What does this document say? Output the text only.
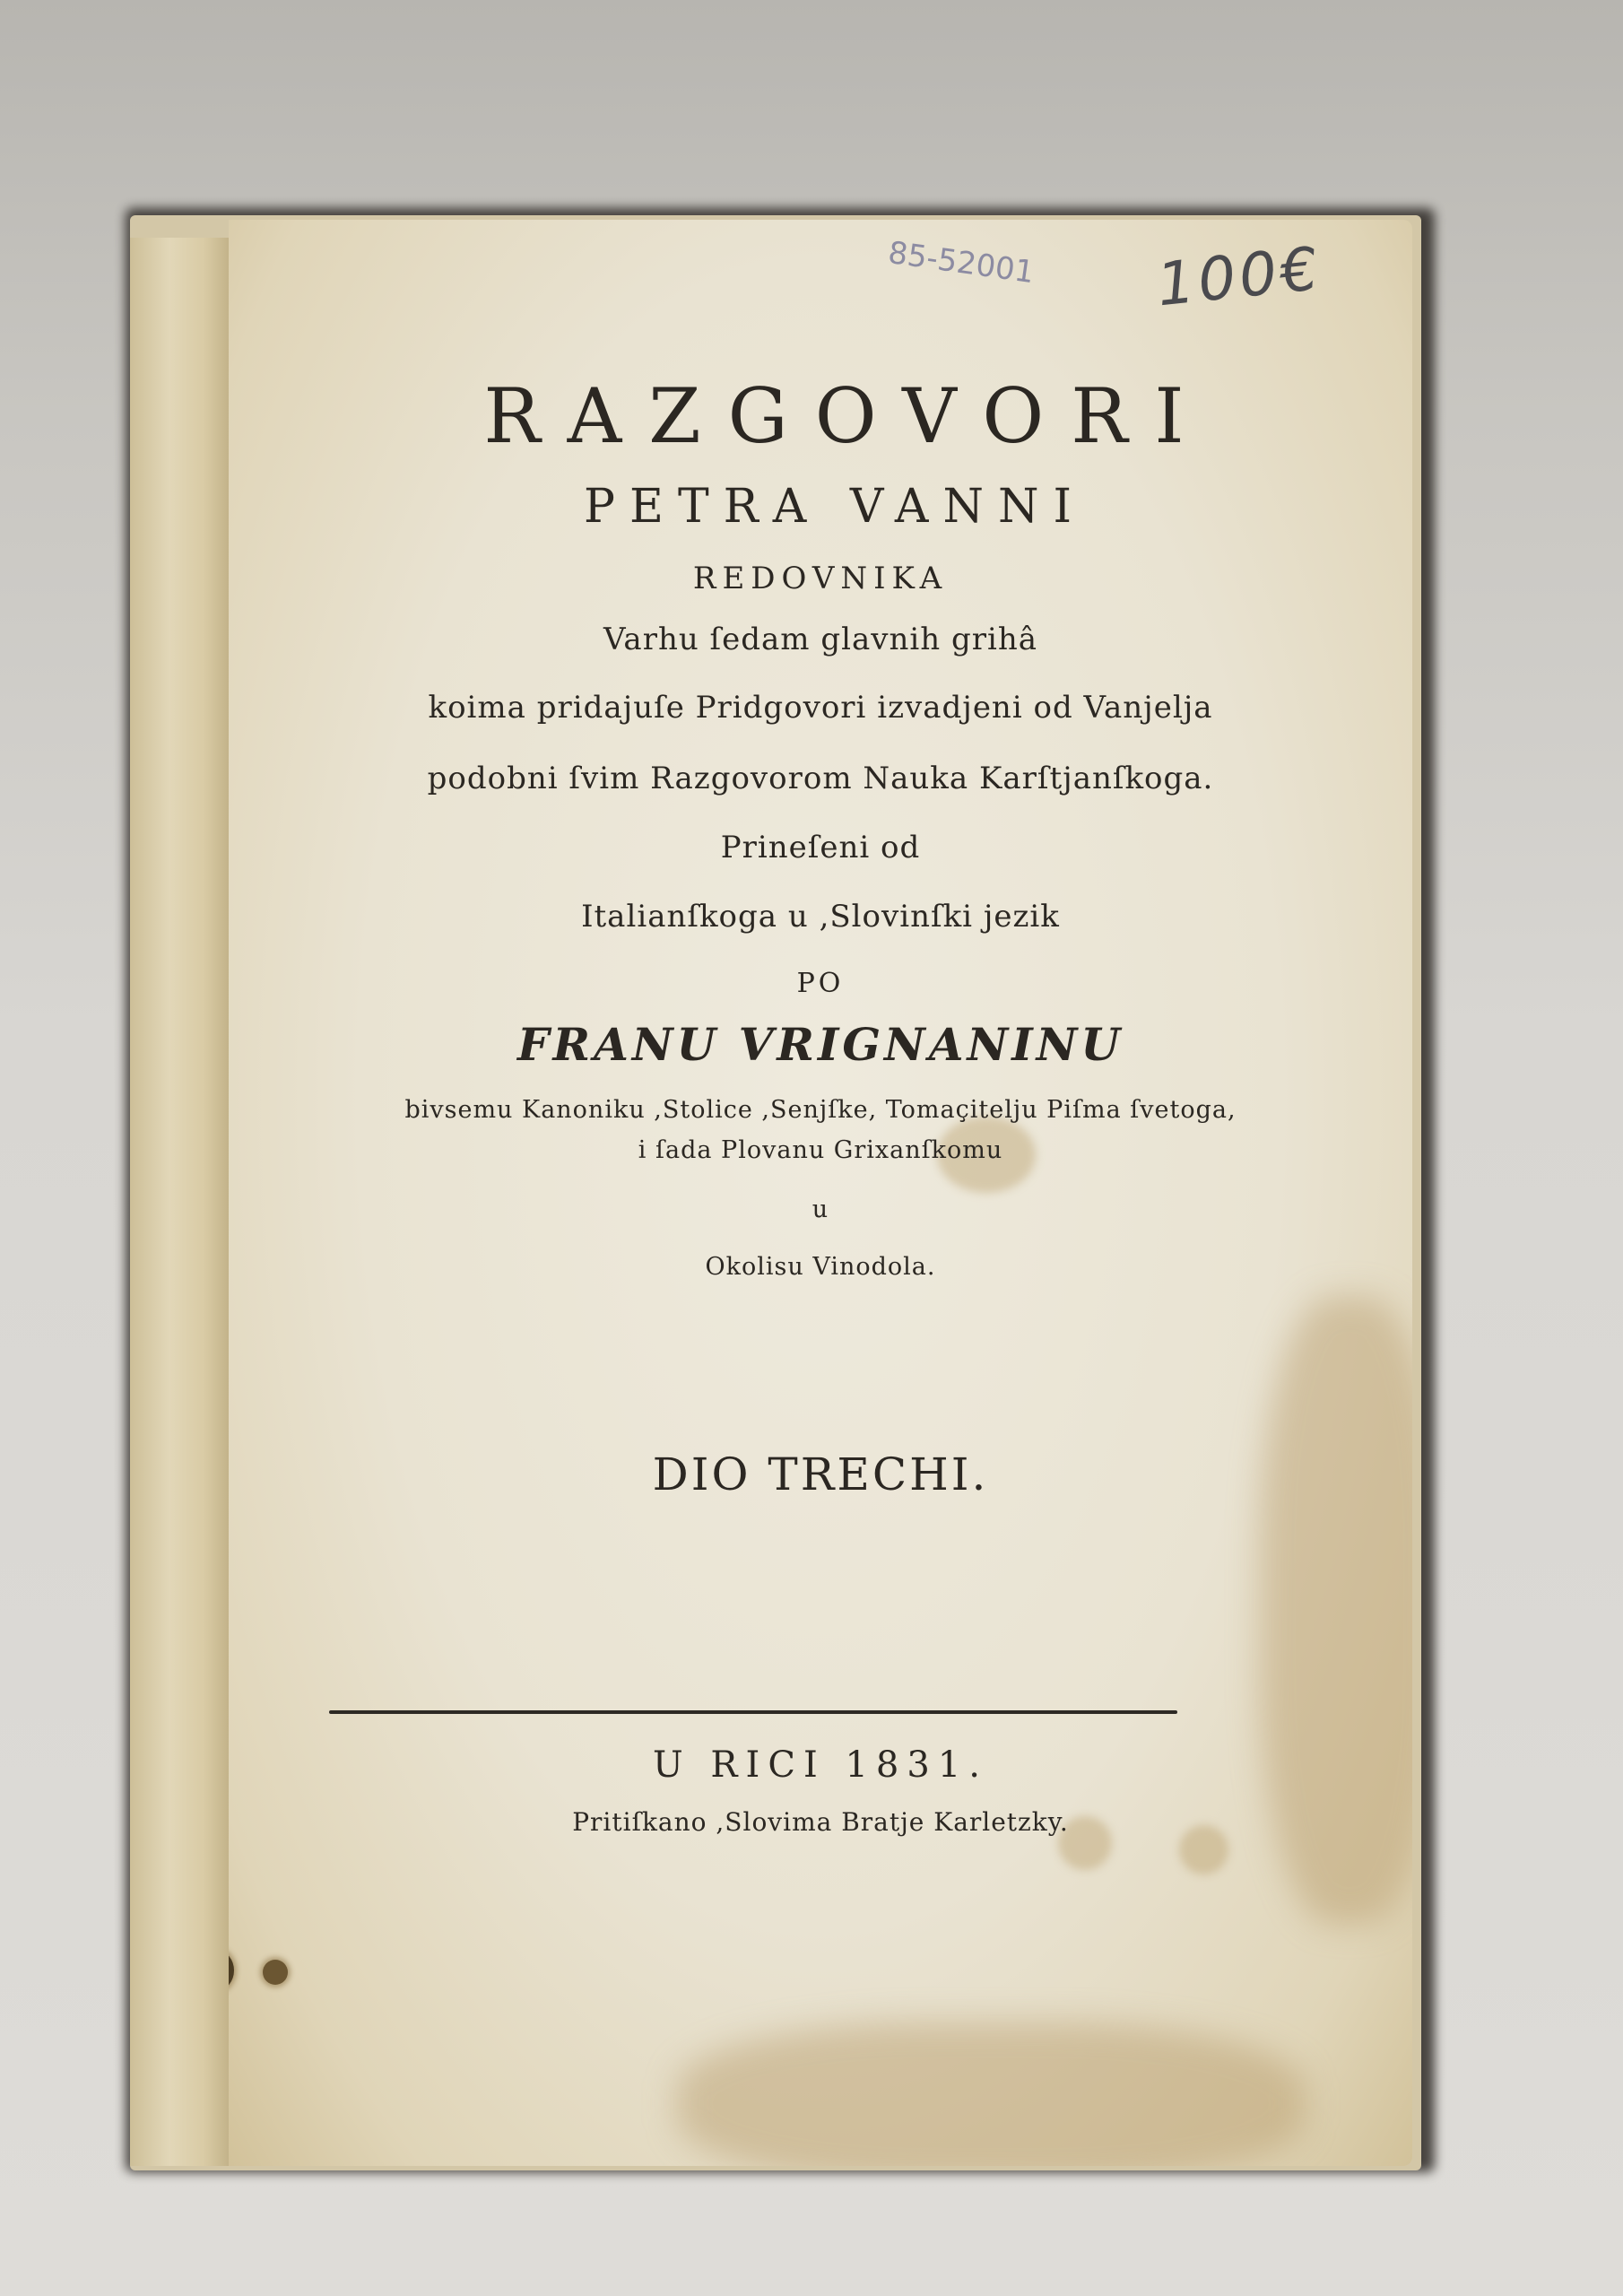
85-52001 100€
RAZGOVORI
PETRA VANNI
REDOVNIKA
Varhu ſedam glavnih grihâ
koima pridajuſe Pridgovori izvadjeni od Vanjelja
podobni ſvim Razgovorom Nauka Karſtjanſkoga.
Prineſeni od
Italianſkoga u ,Slovinſki jezik
PO
FRANU VRIGNANINU
bivsemu Kanoniku ,Stolice ,Senjſke, Tomaçitelju Piſma ſvetoga,
i ſada Plovanu Grixanſkomu
u
Okolisu Vinodola.
DIO TRECHI.
U RICI 1831.
Pritiſkano ,Slovima Bratje Karletzky.
